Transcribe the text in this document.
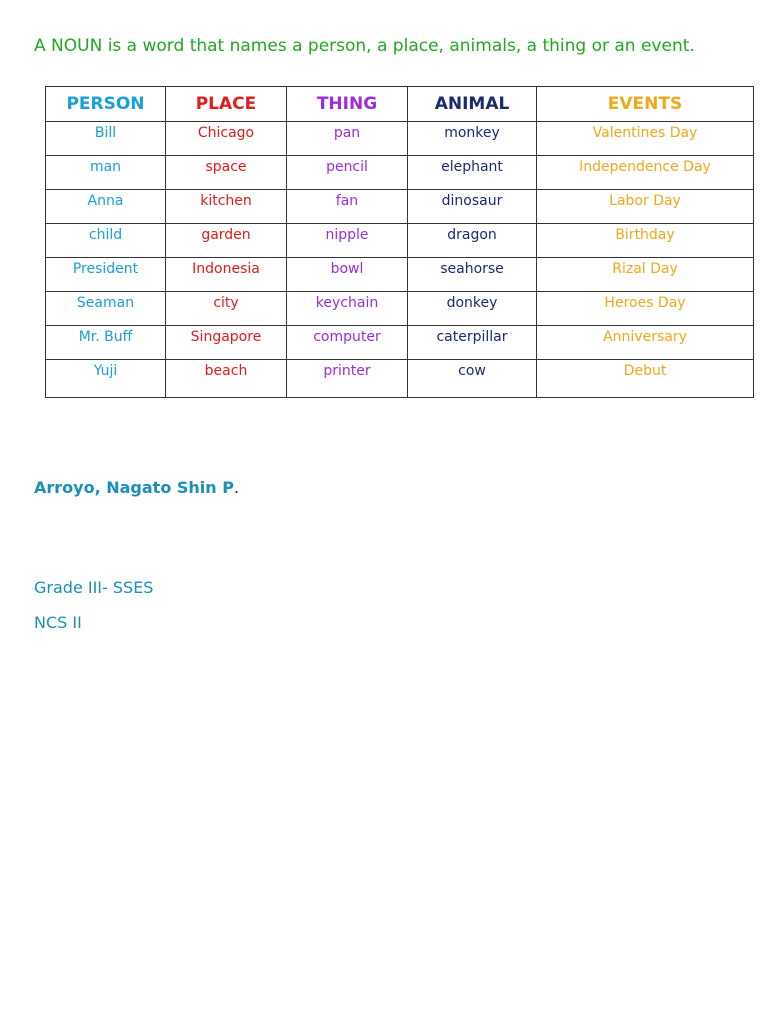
A NOUN is a word that names a person, a place, animals, a thing or an event.
PERSON	PLACE	THING	ANIMAL	EVENTS
Bill	Chicago	pan	monkey	Valentines Day
man	space	pencil	elephant	Independence Day
Anna	kitchen	fan	dinosaur	Labor Day
child	garden	nipple	dragon	Birthday
President	Indonesia	bowl	seahorse	Rizal Day
Seaman	city	keychain	donkey	Heroes Day
Mr. Buff	Singapore	computer	caterpillar	Anniversary
Yuji	beach	printer	cow	Debut
Arroyo, Nagato Shin P.
Grade III- SSES
NCS II
